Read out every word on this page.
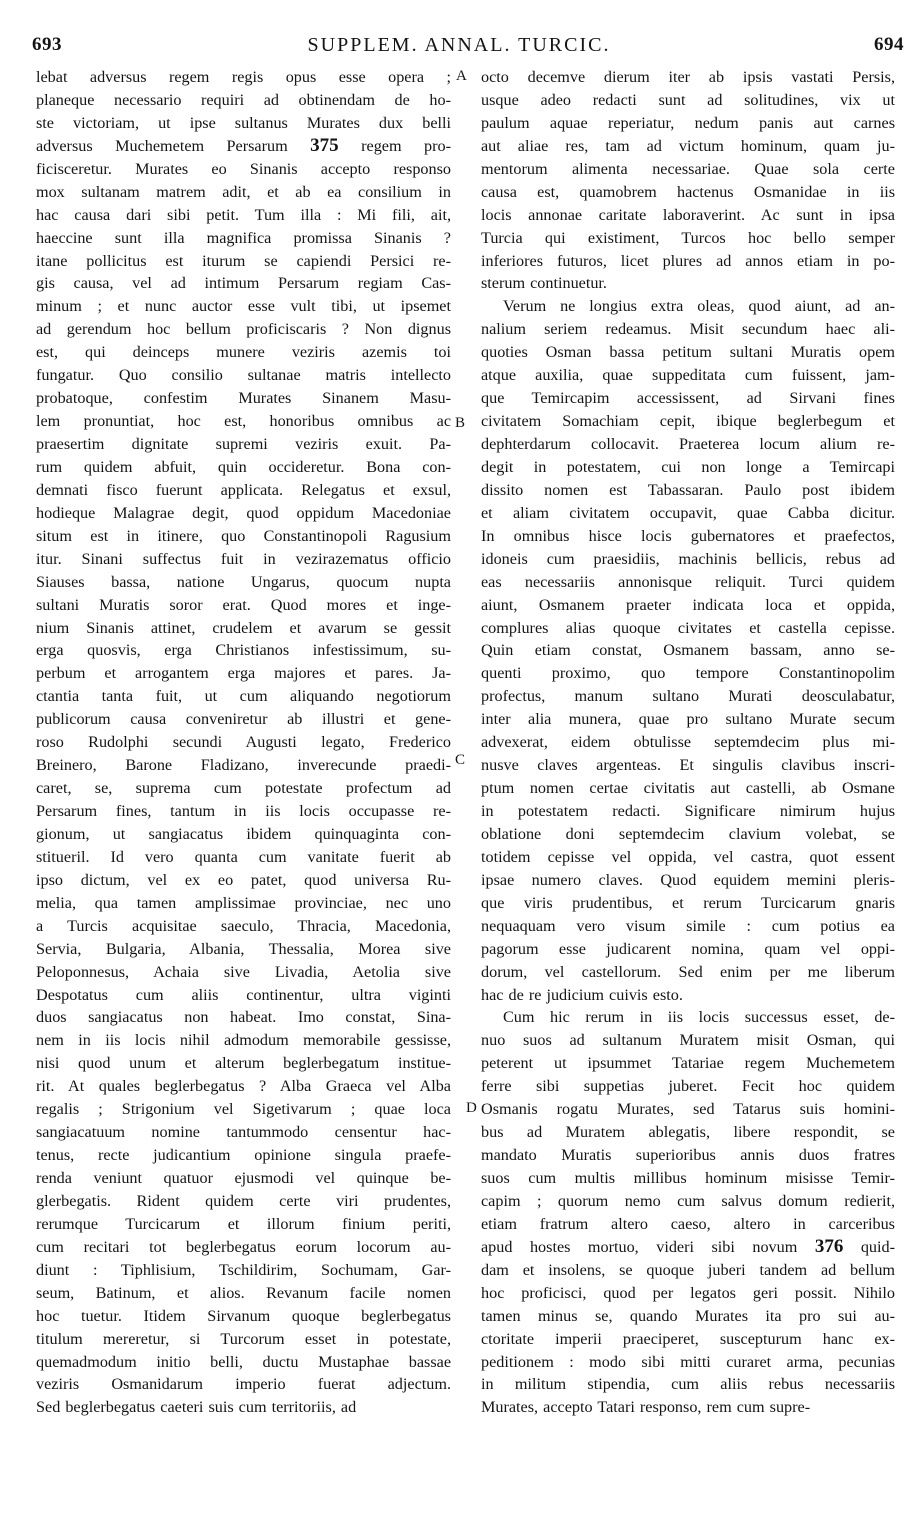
693	SUPPLEM. ANNAL. TURCIC.	694
lebat adversus regem regis opus esse opera ;
planeque necessario requiri ad obtinendam de ho-
ste victoriam, ut ipse sultanus Murates dux belli
adversus Muchemetem Persarum 375 regem pro-
ficisceretur. Murates eo Sinanis accepto responso
mox sultanam matrem adit, et ab ea consilium in
hac causa dari sibi petit. Tum illa : Mi fili, ait,
haeccine sunt illa magnifica promissa Sinanis ?
itane pollicitus est iturum se capiendi Persici re-
gis causa, vel ad intimum Persarum regiam Cas-
minum ; et nunc auctor esse vult tibi, ut ipsemet
ad gerendum hoc bellum proficiscaris ? Non dignus
est, qui deinceps munere veziris azemis toi
fungatur. Quo consilio sultanae matris intellecto
probatoque, confestim Murates Sinanem Masu-
lem pronuntiat, hoc est, honoribus omnibus ac
praesertim dignitate supremi veziris exuit. Pa-
rum quidem abfuit, quin occideretur. Bona con-
demnati fisco fuerunt applicata. Relegatus et exsul,
hodieque Malagrae degit, quod oppidum Macedoniae
situm est in itinere, quo Constantinopoli Ragusium
itur. Sinani suffectus fuit in vezirazematus officio
Siauses bassa, natione Ungarus, quocum nupta
sultani Muratis soror erat. Quod mores et inge-
nium Sinanis attinet, crudelem et avarum se gessit
erga quosvis, erga Christianos infestissimum, su-
perbum et arrogantem erga majores et pares. Ja-
ctantia tanta fuit, ut cum aliquando negotiorum
publicorum causa conveniretur ab illustri et gene-
roso Rudolphi secundi Augusti legato, Frederico
Breinero, Barone Fladizano, inverecunde praedi-
caret, se, suprema cum potestate profectum ad
Persarum fines, tantum in iis locis occupasse re-
gionum, ut sangiacatus ibidem quinquaginta con-
stitueril. Id vero quanta cum vanitate fuerit ab
ipso dictum, vel ex eo patet, quod universa Ru-
melia, qua tamen amplissimae provinciae, nec uno
a Turcis acquisitae saeculo, Thracia, Macedonia,
Servia, Bulgaria, Albania, Thessalia, Morea sive
Peloponnesus, Achaia sive Livadia, Aetolia sive
Despotatus cum aliis continentur, ultra viginti
duos sangiacatus non habeat. Imo constat, Sina-
nem in iis locis nihil admodum memorabile gessisse,
nisi quod unum et alterum beglerbegatum institue-
rit. At quales beglerbegatus ? Alba Graeca vel Alba
regalis ; Strigonium vel Sigetivarum ; quae loca
sangiacatuum nomine tantummodo censentur hac-
tenus, recte judicantium opinione singula praefe-
renda veniunt quatuor ejusmodi vel quinque be-
glerbegatis. Rident quidem certe viri prudentes,
rerumque Turcicarum et illorum finium periti,
cum recitari tot beglerbegatus eorum locorum au-
diunt : Tiphlisium, Tschildirim, Sochumam, Gar-
seum, Batinum, et alios. Revanum facile nomen
hoc tuetur. Itidem Sirvanum quoque beglerbegatus
titulum mereretur, si Turcorum esset in potestate,
quemadmodum initio belli, ductu Mustaphae bassae
veziris Osmanidarum imperio fuerat adjectum.
Sed beglerbegatus caeteri suis cum territoriis, ad
octo decemve dierum iter ab ipsis vastati Persis,
usque adeo redacti sunt ad solitudines, vix ut
paulum aquae reperiatur, nedum panis aut carnes
aut aliae res, tam ad victum hominum, quam ju-
mentorum alimenta necessariae. Quae sola certe
causa est, quamobrem hactenus Osmanidae in iis
locis annonae caritate laboraverint. Ac sunt in ipsa
Turcia qui existiment, Turcos hoc bello semper
inferiores futuros, licet plures ad annos etiam in po-
sterum continuetur.
Verum ne longius extra oleas, quod aiunt, ad an-
nalium seriem redeamus. Misit secundum haec ali-
quoties Osman bassa petitum sultani Muratis opem
atque auxilia, quae suppeditata cum fuissent, jam-
que Temircapim accessissent, ad Sirvani fines
civitatem Somachiam cepit, ibique beglerbegum et
dephterdarum collocavit. Praeterea locum alium re-
degit in potestatem, cui non longe a Temircapi
dissito nomen est Tabassaran. Paulo post ibidem
et aliam civitatem occupavit, quae Cabba dicitur.
In omnibus hisce locis gubernatores et praefectos,
idoneis cum praesidiis, machinis bellicis, rebus ad
eas necessariis annonisque reliquit. Turci quidem
aiunt, Osmanem praeter indicata loca et oppida,
complures alias quoque civitates et castella cepisse.
Quin etiam constat, Osmanem bassam, anno se-
quenti proximo, quo tempore Constantinopolim
profectus, manum sultano Murati deosculabatur,
inter alia munera, quae pro sultano Murate secum
advexerat, eidem obtulisse septemdecim plus mi-
nusve claves argenteas. Et singulis clavibus inscri-
ptum nomen certae civitatis aut castelli, ab Osmane
in potestatem redacti. Significare nimirum hujus
oblatione doni septemdecim clavium volebat, se
totidem cepisse vel oppida, vel castra, quot essent
ipsae numero claves. Quod equidem memini pleris-
que viris prudentibus, et rerum Turcicarum gnaris
nequaquam vero visum simile : cum potius ea
pagorum esse judicarent nomina, quam vel oppi-
dorum, vel castellorum. Sed enim per me liberum
hac de re judicium cuivis esto.
Cum hic rerum in iis locis successus esset, de-
nuo suos ad sultanum Muratem misit Osman, qui
peterent ut ipsummet Tatariae regem Muchemetem
ferre sibi suppetias juberet. Fecit hoc quidem
Osmanis rogatu Murates, sed Tatarus suis homini-
bus ad Muratem ablegatis, libere respondit, se
mandato Muratis superioribus annis duos fratres
suos cum multis millibus hominum misisse Temir-
capim ; quorum nemo cum salvus domum redierit,
etiam fratrum altero caeso, altero in carceribus
apud hostes mortuo, videri sibi novum 376 quid-
dam et insolens, se quoque juberi tandem ad bellum
hoc proficisci, quod per legatos geri possit. Nihilo
tamen minus se, quando Murates ita pro sui au-
ctoritate imperii praeciperet, suscepturum hanc ex-
peditionem : modo sibi mitti curaret arma, pecunias
in militum stipendia, cum aliis rebus necessariis
Murates, accepto Tatari responso, rem cum supre-
A
B
C
D
